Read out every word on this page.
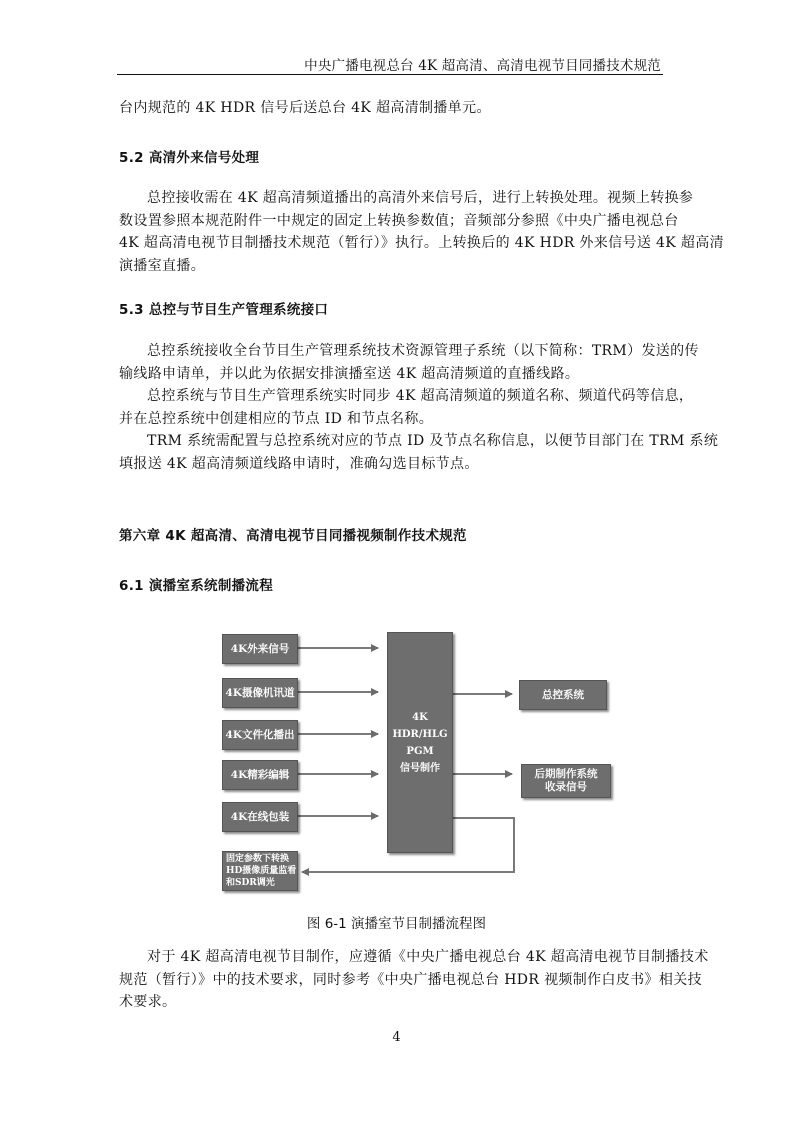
中央广播电视总台 4K 超高清、高清电视节目同播技术规范
台内规范的 4K HDR 信号后送总台 4K 超高清制播单元。
5.2 高清外来信号处理
总控接收需在 4K 超高清频道播出的高清外来信号后，进行上转换处理。视频上转换参
数设置参照本规范附件一中规定的固定上转换参数值；音频部分参照《中央广播电视总台
4K 超高清电视节目制播技术规范（暂行）》执行。上转换后的 4K HDR 外来信号送 4K 超高清
演播室直播。
5.3 总控与节目生产管理系统接口
总控系统接收全台节目生产管理系统技术资源管理子系统（以下简称：TRM）发送的传
输线路申请单，并以此为依据安排演播室送 4K 超高清频道的直播线路。
总控系统与节目生产管理系统实时同步 4K 超高清频道的频道名称、频道代码等信息，
并在总控系统中创建相应的节点 ID 和节点名称。
TRM 系统需配置与总控系统对应的节点 ID 及节点名称信息，以便节目部门在 TRM 系统
填报送 4K 超高清频道线路申请时，准确勾选目标节点。
第六章 4K 超高清、高清电视节目同播视频制作技术规范
6.1 演播室系统制播流程
4K外来信号
4K摄像机讯道
4K文件化播出
4K精彩编辑
4K在线包装
固定参数下转换
HD摄像质量监看
和SDR调光
4K
HDR/HLG
PGM
信号制作
总控系统
后期制作系统
收录信号
图 6-1 演播室节目制播流程图
对于 4K 超高清电视节目制作，应遵循《中央广播电视总台 4K 超高清电视节目制播技术
规范（暂行）》中的技术要求，同时参考《中央广播电视总台 HDR 视频制作白皮书》相关技
术要求。
4
